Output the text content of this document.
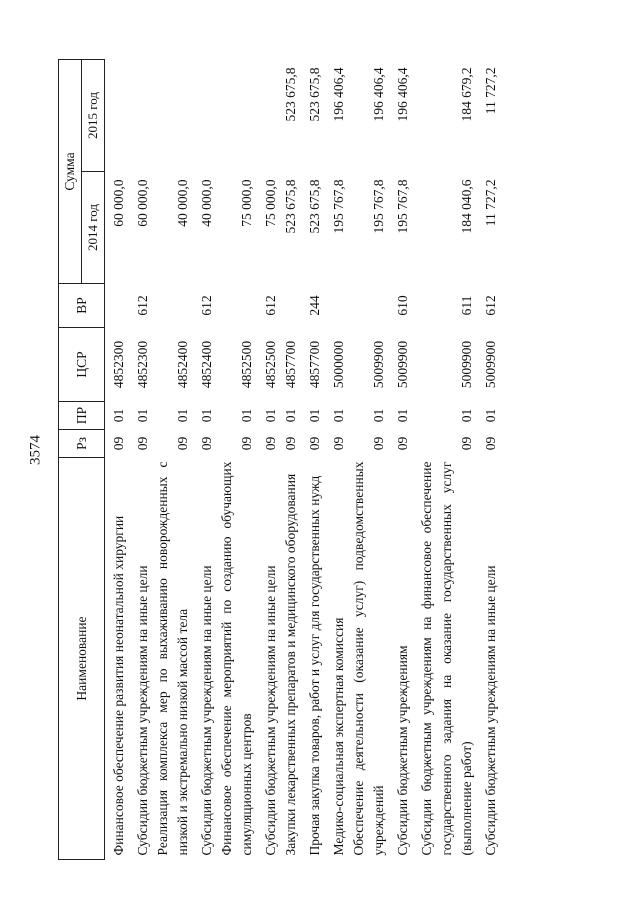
3574
Наименование	Рз	ПР	ЦСР	ВР	Сумма	
					2014 год	2015 год
Финансовое обеспечение развития неонатальной хирургии	09	01	4852300		60 000,0	
Субсидии бюджетным учреждениям на иные цели	09	01	4852300	612	60 000,0	
Реализация комплекса мер по выхаживанию новорожденных с низкой и экстремально низкой массой тела	09	01	4852400		40 000,0	
Субсидии бюджетным учреждениям на иные цели	09	01	4852400	612	40 000,0	
Финансовое обеспечение мероприятий по созданию обучающих симуляционных центров	09	01	4852500		75 000,0	
Субсидии бюджетным учреждениям на иные цели	09	01	4852500	612	75 000,0	
Закупки лекарственных препаратов и медицинского оборудования	09	01	4857700		523 675,8	523 675,8
Прочая закупка товаров, работ и услуг для государственных нужд	09	01	4857700	244	523 675,8	523 675,8
Медико-социальная экспертная комиссия	09	01	5000000		195 767,8	196 406,4
Обеспечение деятельности (оказание услуг) подведомственных учреждений	09	01	5009900		195 767,8	196 406,4
Субсидии бюджетным учреждениям	09	01	5009900	610	195 767,8	196 406,4
Субсидии бюджетным учреждениям на финансовое обеспечение государственного задания на оказание государственных услуг (выполнение работ)	09	01	5009900	611	184 040,6	184 679,2
Субсидии бюджетным учреждениям на иные цели	09	01	5009900	612	11 727,2	11 727,2
